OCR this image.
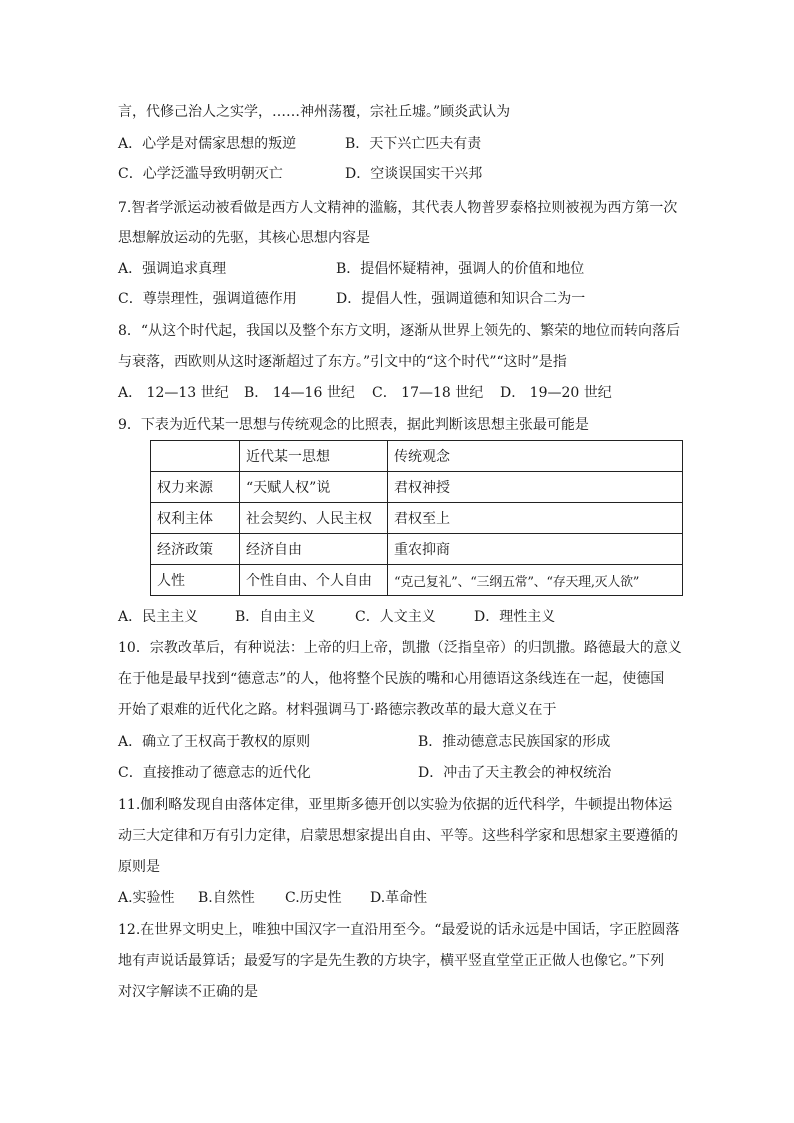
言，代修己治人之实学，……神州荡覆，宗社丘墟。”顾炎武认为
A．心学是对儒家思想的叛逆	B．天下兴亡匹夫有责
C．心学泛滥导致明朝灭亡	D．空谈误国实干兴邦
7.智者学派运动被看做是西方人文精神的滥觞，其代表人物普罗泰格拉则被视为西方第一次
思想解放运动的先驱，其核心思想内容是
A．强调追求真理	B．提倡怀疑精神，强调人的价值和地位
C．尊崇理性，强调道德作用	D．提倡人性，强调道德和知识合二为一
8．“从这个时代起，我国以及整个东方文明，逐渐从世界上领先的、繁荣的地位而转向落后
与衰落，西欧则从这时逐渐超过了东方。”引文中的“这个时代”“这时”是指
A． 12—13 世纪 B． 14—16 世纪 C． 17—18 世纪 D． 19—20 世纪
9．下表为近代某一思想与传统观念的比照表，据此判断该思想主张最可能是
	近代某一思想	传统观念
权力来源	“天赋人权”说	君权神授
权利主体	社会契约、人民主权	君权至上
经济政策	经济自由	重农抑商
人性	个性自由、个人自由	“克己复礼”、“三纲五常”、“存天理,灭人欲”
A．民主主义	B．自由主义	C．人文主义	D．理性主义
10．宗教改革后，有种说法：上帝的归上帝，凯撒（泛指皇帝）的归凯撒。路德最大的意义
在于他是最早找到“德意志”的人，他将整个民族的嘴和心用德语这条线连在一起，使德国
开始了艰难的近代化之路。材料强调马丁·路德宗教改革的最大意义在于
A．确立了王权高于教权的原则	B．推动德意志民族国家的形成
C．直接推动了德意志的近代化	D．冲击了天主教会的神权统治
11.伽利略发现自由落体定律，亚里斯多德开创以实验为依据的近代科学，牛顿提出物体运
动三大定律和万有引力定律，启蒙思想家提出自由、平等。这些科学家和思想家主要遵循的
原则是
A.实验性 B.自然性 C.历史性 D.革命性
12.在世界文明史上，唯独中国汉字一直沿用至今。“最爱说的话永远是中国话，字正腔圆落
地有声说话最算话；最爱写的字是先生教的方块字，横平竖直堂堂正正做人也像它。”下列
对汉字解读不正确的是
